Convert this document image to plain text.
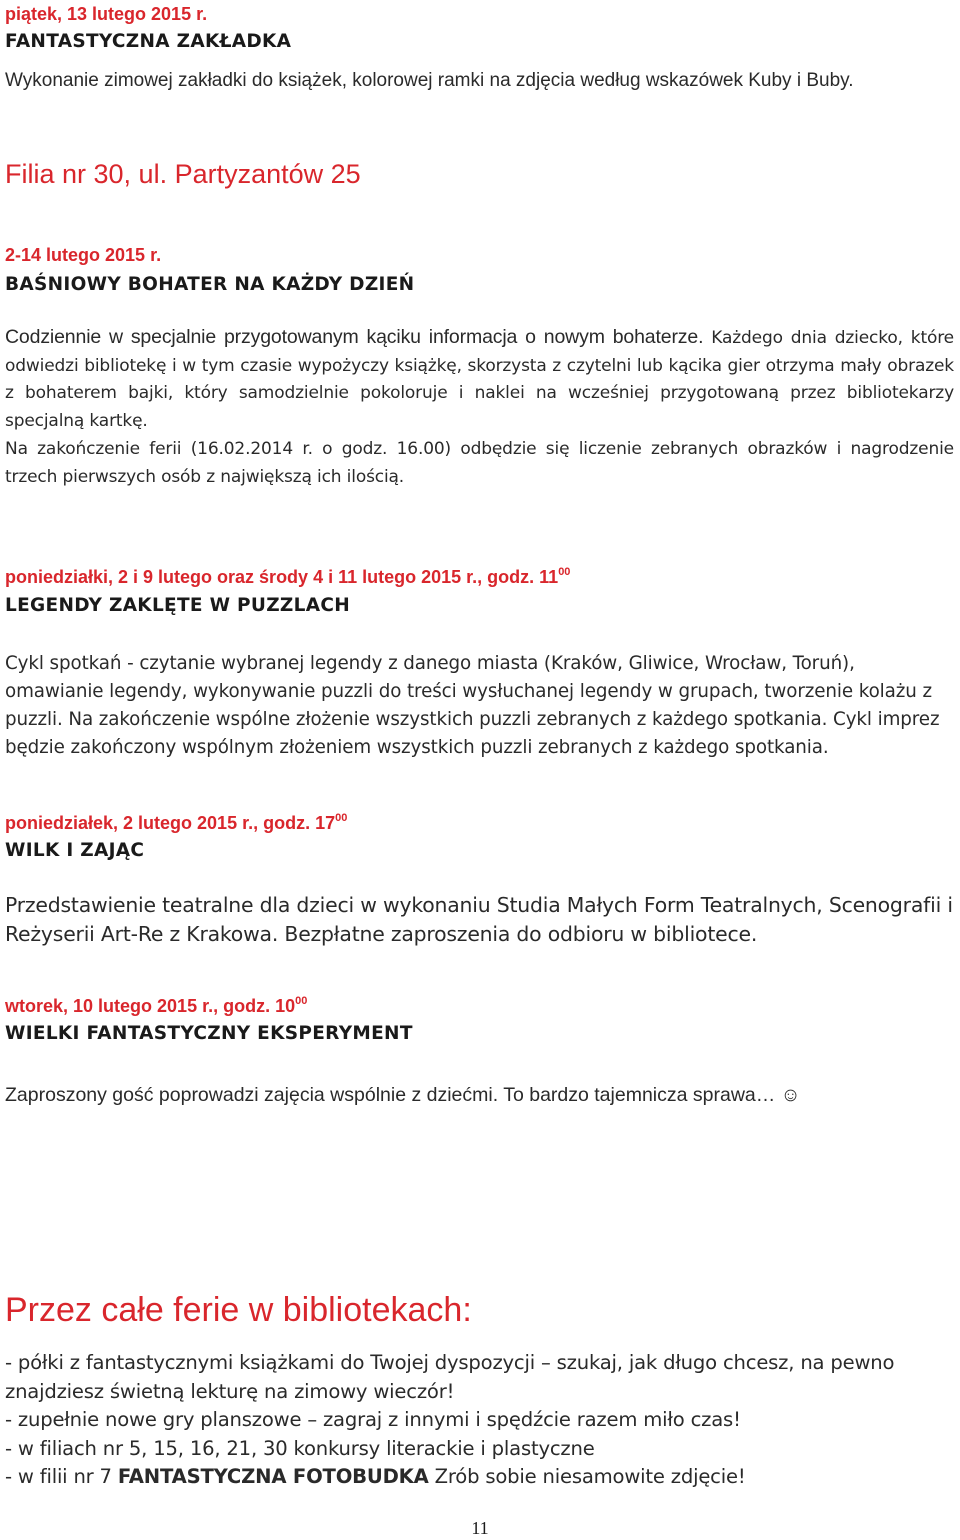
piątek, 13 lutego 2015 r.
FANTASTYCZNA ZAKŁADKA
Wykonanie zimowej zakładki do książek, kolorowej ramki na zdjęcia według wskazówek Kuby i Buby.
Filia nr 30, ul. Partyzantów 25
2-14 lutego 2015 r.
BAŚNIOWY BOHATER NA KAŻDY DZIEŃ
Codziennie w specjalnie przygotowanym kąciku informacja o nowym bohaterze. Każdego dnia dziecko, które odwiedzi bibliotekę i w tym czasie wypożyczy książkę, skorzysta z czytelni lub kącika gier otrzyma mały obrazek z bohaterem bajki, który samodzielnie pokoloruje i naklei na wcześniej przygotowaną przez bibliotekarzy specjalną kartkę.
Na zakończenie ferii (16.02.2014 r. o godz. 16.00) odbędzie się liczenie zebranych obrazków i nagrodzenie trzech pierwszych osób z największą ich ilością.
poniedziałki, 2 i 9 lutego oraz środy 4 i 11 lutego 2015 r., godz. $11^{00}$
LEGENDY ZAKLĘTE W PUZZLACH
Cykl spotkań - czytanie wybranej legendy z danego miasta (Kraków, Gliwice, Wrocław, Toruń), omawianie legendy, wykonywanie puzzli do treści wysłuchanej legendy w grupach, tworzenie kolażu z puzzli. Na zakończenie wspólne złożenie wszystkich puzzli zebranych z każdego spotkania. Cykl imprez będzie zakończony wspólnym złożeniem wszystkich puzzli zebranych z każdego spotkania.
poniedziałek, 2 lutego 2015 r., godz. $17^{00}$
WILK I ZAJĄC
Przedstawienie teatralne dla dzieci w wykonaniu Studia Małych Form Teatralnych, Scenografii i Reżyserii Art-Re z Krakowa. Bezpłatne zaproszenia do odbioru w bibliotece.
wtorek, 10 lutego 2015 r., godz. $10^{00}$
WIELKI FANTASTYCZNY EKSPERYMENT
Zaproszony gość poprowadzi zajęcia wspólnie z dziećmi. To bardzo tajemnicza sprawa… ☺
Przez całe ferie w bibliotekach:
- półki z fantastycznymi książkami do Twojej dyspozycji – szukaj, jak długo chcesz, na pewno znajdziesz świetną lekturę na zimowy wieczór!
- zupełnie nowe gry planszowe – zagraj z innymi i spędźcie razem miło czas!
- w filiach nr 5, 15, 16, 21, 30 konkursy literackie i plastyczne
- w filii nr 7 FANTASTYCZNA FOTOBUDKA Zrób sobie niesamowite zdjęcie!
11
